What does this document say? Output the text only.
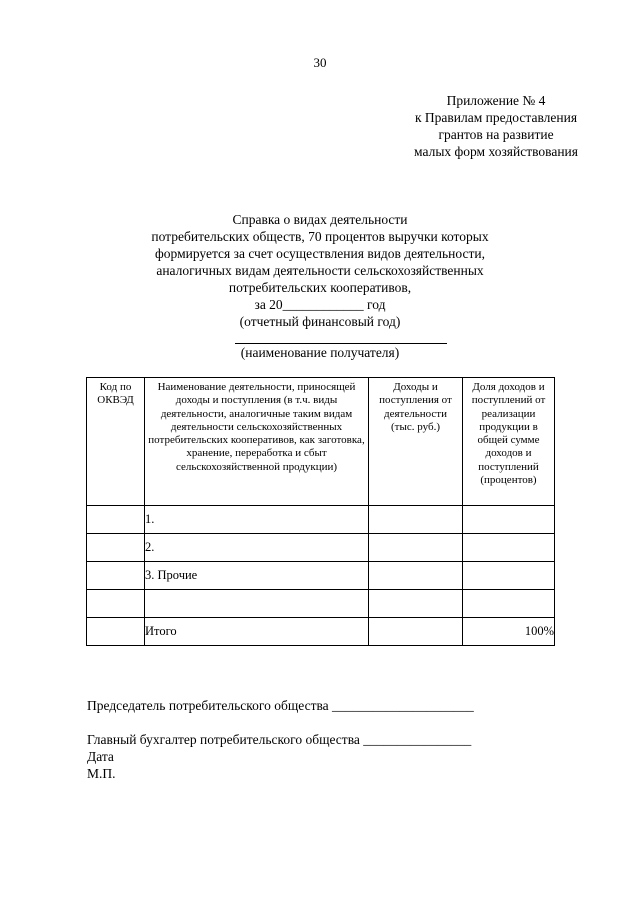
30
Приложение № 4
к Правилам предоставления
грантов на развитие
малых форм хозяйствования
Справка о видах деятельности
потребительских обществ, 70 процентов выручки которых
формируется за счет осуществления видов деятельности,
аналогичных видам деятельности сельскохозяйственных
потребительских кооперативов,
за 20____________ год
(отчетный финансовый год)
(наименование получателя)
Код по ОКВЭД	Наименование деятельности, приносящей доходы и поступления (в т.ч. виды деятельности, аналогичные таким видам деятельности сельскохозяйственных потребительских кооперативов, как заготовка, хранение, переработка и сбыт сельскохозяйственной продукции)	Доходы и поступления от деятельности (тыс. руб.)	Доля доходов и поступлений от реализации продукции в общей сумме доходов и поступлений (процентов)
	1.		
	2.		
	3. Прочие		

	Итого		100%
Председатель потребительского общества _____________________
Главный бухгалтер потребительского общества ________________
Дата
М.П.
